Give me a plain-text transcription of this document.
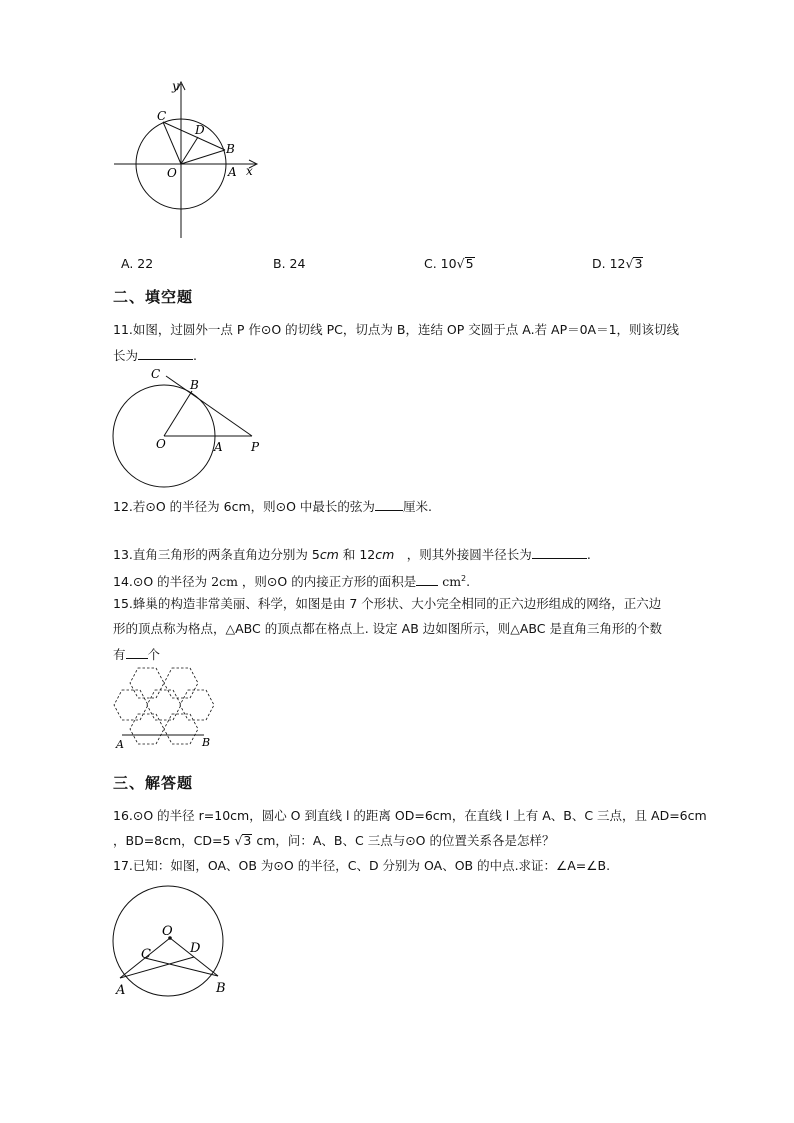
y
x
C
D
B
O	A
A. 22	B. 24	C. 10√5	D. 12√3
二、填空题
11.如图，过圆外一点 P 作⊙O 的切线 PC，切点为 B，连结 OP 交圆于点 A.若 AP＝0A＝1，则该切线
长为	.
C
B
O	A P
12.若⊙O 的半径为 6cm，则⊙O 中最长的弦为 厘米.
13.直角三角形的两条直角边分别为 5cm 和 12cm　，则其外接圆半径长为	.
14.⊙O 的半径为 2cm ，则⊙O 的内接正方形的面积是 $cm^2$.
15.蜂巢的构造非常美丽、科学，如图是由 7 个形状、大小完全相同的正六边形组成的网络，正六边
形的顶点称为格点，△ABC 的顶点都在格点上. 设定 AB 边如图所示，则△ABC 是直角三角形的个数
有 个
A	B
三、解答题
16.⊙O 的半径 r=10cm，圆心 O 到直线 l 的距离 OD=6cm，在直线 l 上有 A、B、C 三点，且 AD=6cm
，BD=8cm，CD=5 √3 cm，问：A、B、C 三点与⊙O 的位置关系各是怎样？
17.已知：如图，OA、OB 为⊙O 的半径，C、D 分别为 OA、OB 的中点.求证：∠A=∠B.
O
C	D
A	B
